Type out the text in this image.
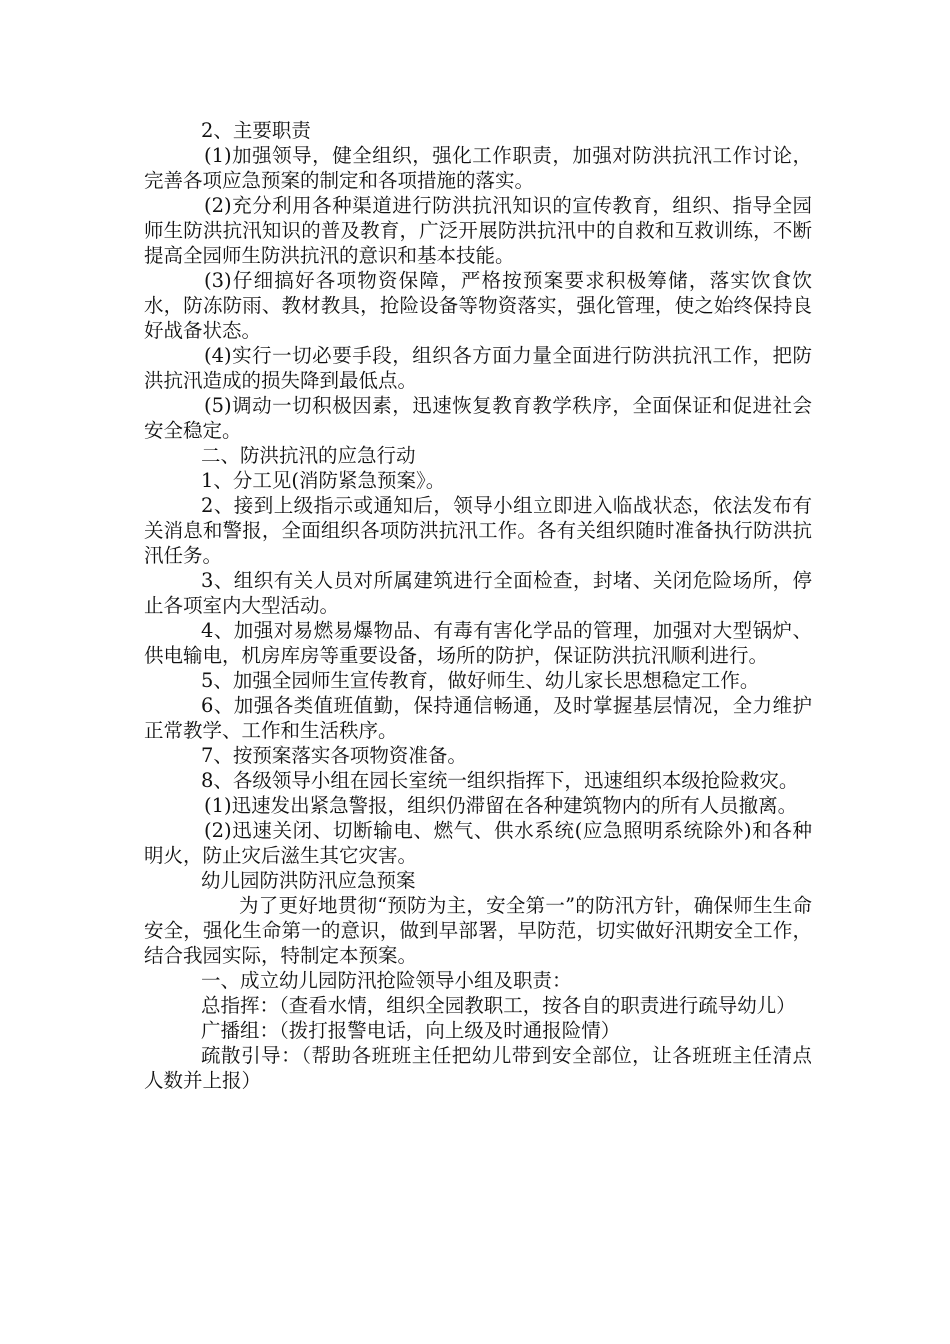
2、主要职责

(1)加强领导，健全组织，强化工作职责，加强对防洪抗汛工作讨论，完善各项应急预案的制定和各项措施的落实。

(2)充分利用各种渠道进行防洪抗汛知识的宣传教育，组织、指导全园师生防洪抗汛知识的普及教育，广泛开展防洪抗汛中的自救和互救训练，不断提高全园师生防洪抗汛的意识和基本技能。

(3)仔细搞好各项物资保障，严格按预案要求积极筹储，落实饮食饮水，防冻防雨、教材教具，抢险设备等物资落实，强化管理，使之始终保持良好战备状态。

(4)实行一切必要手段，组织各方面力量全面进行防洪抗汛工作，把防洪抗汛造成的损失降到最低点。

(5)调动一切积极因素，迅速恢复教育教学秩序，全面保证和促进社会安全稳定。

二、防洪抗汛的应急行动

1、分工见(消防紧急预案》。

2、接到上级指示或通知后，领导小组立即进入临战状态，依法发布有关消息和警报，全面组织各项防洪抗汛工作。各有关组织随时准备执行防洪抗汛任务。

3、组织有关人员对所属建筑进行全面检查，封堵、关闭危险场所，停止各项室内大型活动。

4、加强对易燃易爆物品、有毒有害化学品的管理，加强对大型锅炉、供电输电，机房库房等重要设备，场所的防护，保证防洪抗汛顺利进行。

5、加强全园师生宣传教育，做好师生、幼儿家长思想稳定工作。

6、加强各类值班值勤，保持通信畅通，及时掌握基层情况，全力维护正常教学、工作和生活秩序。

7、按预案落实各项物资准备。

8、各级领导小组在园长室统一组织指挥下，迅速组织本级抢险救灾。

(1)迅速发出紧急警报，组织仍滞留在各种建筑物内的所有人员撤离。

(2)迅速关闭、切断输电、燃气、供水系统(应急照明系统除外)和各种明火，防止灾后滋生其它灾害。

幼儿园防洪防汛应急预案

为了更好地贯彻“预防为主，安全第一”的防汛方针，确保师生生命安全，强化生命第一的意识，做到早部署，早防范，切实做好汛期安全工作，结合我园实际，特制定本预案。

一、成立幼儿园防汛抢险领导小组及职责：

总指挥：（查看水情，组织全园教职工，按各自的职责进行疏导幼儿）

广播组：（拨打报警电话，向上级及时通报险情）

疏散引导：（帮助各班班主任把幼儿带到安全部位，让各班班主任清点人数并上报）
